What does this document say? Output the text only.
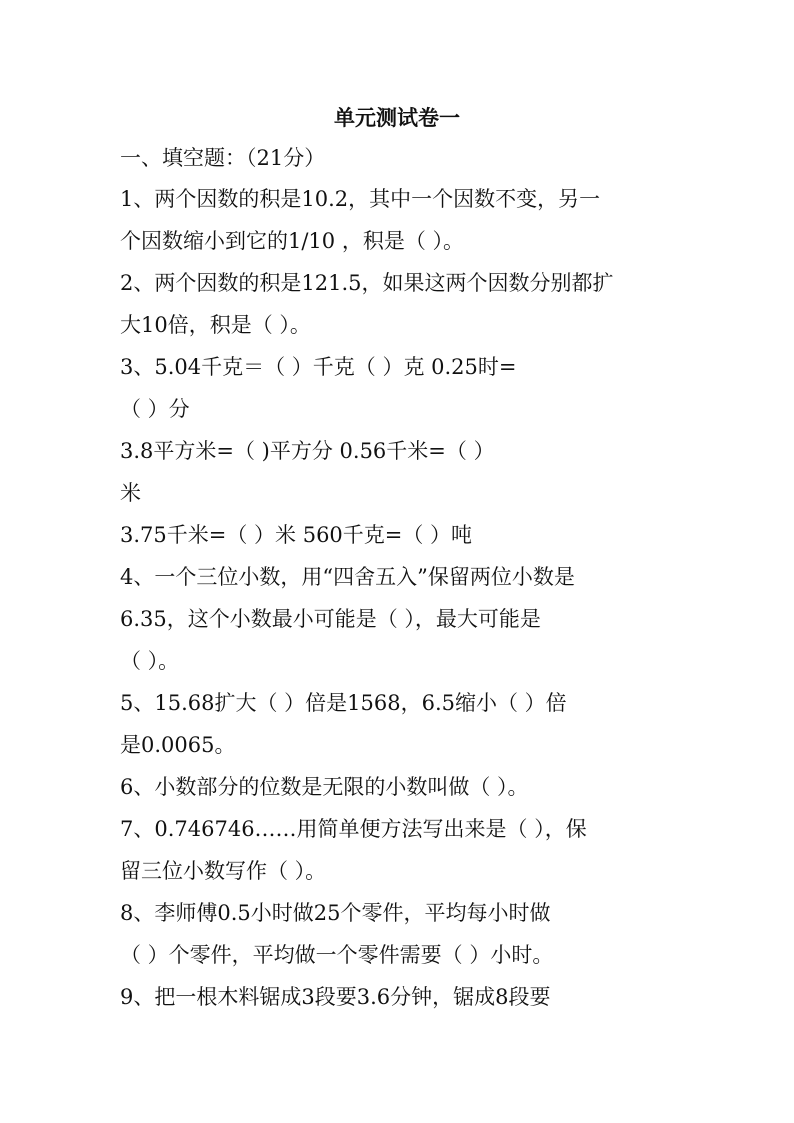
单元测试卷一
一、填空题：（21分）
1、两个因数的积是10.2，其中一个因数不变，另一
个因数缩小到它的1/10 ，积是（ ）。
2、两个因数的积是121.5，如果这两个因数分别都扩
大10倍，积是（ ）。
3、5.04千克＝（ ）千克（ ）克 0.25时=
（ ）分
3.8平方米=（ )平方分 0.56千米=（ ）
米
3.75千米=（ ）米 560千克=（ ）吨
4、一个三位小数，用“四舍五入”保留两位小数是
6.35，这个小数最小可能是（ ），最大可能是
（ ）。
5、15.68扩大（ ）倍是1568，6.5缩小（ ）倍
是0.0065。
6、小数部分的位数是无限的小数叫做（ ）。
7、0.746746……用简单便方法写出来是（ ），保
留三位小数写作（ ）。
8、李师傅0.5小时做25个零件，平均每小时做
（ ）个零件，平均做一个零件需要（ ）小时。
9、把一根木料锯成3段要3.6分钟，锯成8段要
